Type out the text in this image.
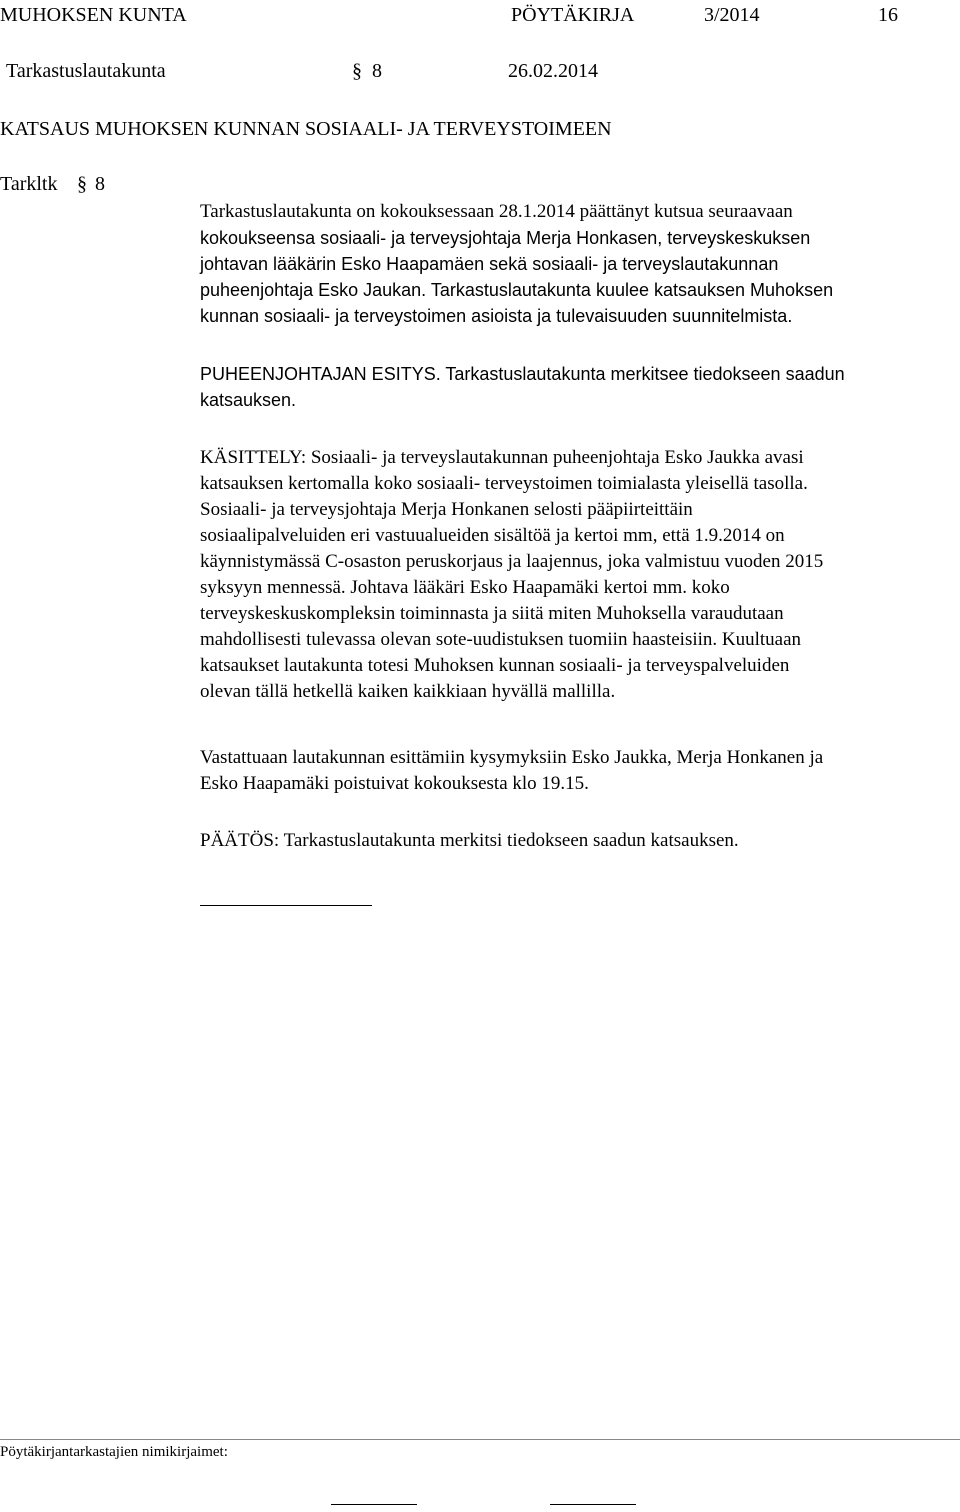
MUHOKSEN KUNTA	PÖYTÄKIRJA	3/2014	16
Tarkastuslautakunta	§ 8	26.02.2014
KATSAUS MUHOKSEN KUNNAN SOSIAALI- JA TERVEYSTOIMEEN
Tarkltk § 8
Tarkastuslautakunta on kokouksessaan 28.1.2014 päättänyt kutsua seuraavaan
kokoukseensa sosiaali- ja terveysjohtaja Merja Honkasen, terveyskeskuksen
johtavan lääkärin Esko Haapamäen sekä sosiaali- ja terveyslautakunnan
puheenjohtaja Esko Jaukan. Tarkastuslautakunta kuulee katsauksen Muhoksen
kunnan sosiaali- ja terveystoimen asioista ja tulevaisuuden suunnitelmista.
PUHEENJOHTAJAN ESITYS. Tarkastuslautakunta merkitsee tiedokseen saadun
katsauksen.
KÄSITTELY: Sosiaali- ja terveyslautakunnan puheenjohtaja Esko Jaukka avasi
katsauksen kertomalla koko sosiaali- terveystoimen toimialasta yleisellä tasolla.
Sosiaali- ja terveysjohtaja Merja Honkanen selosti pääpiirteittäin
sosiaalipalveluiden eri vastuualueiden sisältöä ja kertoi mm, että 1.9.2014 on
käynnistymässä C-osaston peruskorjaus ja laajennus, joka valmistuu vuoden 2015
syksyyn mennessä. Johtava lääkäri Esko Haapamäki kertoi mm. koko
terveyskeskuskompleksin toiminnasta ja siitä miten Muhoksella varaudutaan
mahdollisesti tulevassa olevan sote-uudistuksen tuomiin haasteisiin. Kuultuaan
katsaukset lautakunta totesi Muhoksen kunnan sosiaali- ja terveyspalveluiden
olevan tällä hetkellä kaiken kaikkiaan hyvällä mallilla.
Vastattuaan lautakunnan esittämiin kysymyksiin Esko Jaukka, Merja Honkanen ja
Esko Haapamäki poistuivat kokouksesta klo 19.15.
PÄÄTÖS: Tarkastuslautakunta merkitsi tiedokseen saadun katsauksen.
Pöytäkirjantarkastajien nimikirjaimet:
